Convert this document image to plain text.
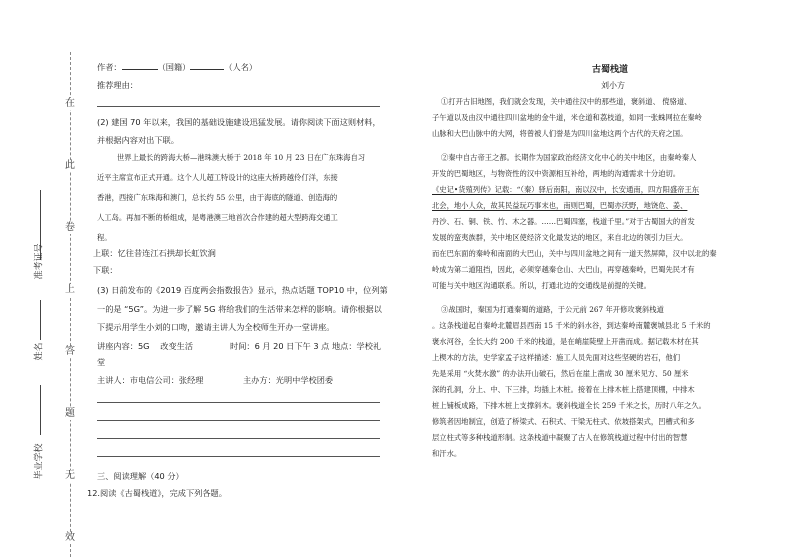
在
此
卷
上
答
题
无
效
准考证号
姓名
毕业学校
作者：	（国籍）	（人名）
推荐理由：
(2) 建国 70 年以来，我国的基础设施建设迅猛发展。请你阅读下面这则材料，
并根据内容对出下联。
世界上最长的跨海大桥—港珠澳大桥于 2018 年 10 月 23 日在广东珠海自习
近平主席宣布正式开通。这个人儿超工特设计的这座大桥跨越伶仃洋，东接
香港，西接广东珠海和澳门，总长约 55 公里，由于海底的隧道、创造海的
人工岛。再加不断的桥组成，是粤港澳三地首次合作建的超大型跨海交通工
程。
上联：忆往昔连江石拱却长虹饮涧
下联：
(3) 日前发布的《2019 百度两会指数报告》显示，热点话题 TOP10 中，位列第
一的是 “5G”。为进一步了解 5G 将给我们的生活带来怎样的影响。请你根据以
下提示用学生小刘的口吻，邀请主讲人为全校师生开办一堂讲座。
讲座内容：5G　 改变生活	时间：6 月 20 日下午 3 点 地点：学校礼
堂
主讲人：市电信公司：张经理	主办方：光明中学校团委
三、阅读理解（40 分）
12.阅读《古蜀栈道》，完成下列各题。
古蜀栈道
刘小方
①打开古旧地图，我们就会发现，关中通往汉中的那些道，褒斜道、 傥骆道、
子午道以及由汉中通往四川盆地的金牛道，米仓道和荔枝道，如同一张蛛网拉在秦岭
山脉和大巴山脉中的大网，将曾被人们誉是为四川盆地这两个古代的天府之国。
②秦中自古帝王之都。长期作为国家政治经济文化中心的关中地区，由秦岭秦人
开发的巴蜀地区，与物资性的汉中资源相互补给，两地的沟通需求十分迫切。
《史记•货殖列传》记载：“（秦）驿后南阳，南以汉中，长安通南，四方阳盛帝王东
北会，地小人众，故其民益玩巧事末也，南则巴蜀，巴蜀亦沃野，地饶危、姜、
丹沙、石、铜、铁、竹、木之器。……巴蜀四塞，栈道千里。”对于古蜀国大的首发
发展的蛮夷族群，关中地区使经济文化最发达的地区，来自北边的领引力巨大。
而在巴东面的秦岭和南面的大巴山，关中与四川盆地之间有一道天然屏障，汉中以北的秦
岭成为第二道阻挡，因此，必须穿越秦仓山、大巴山，再穿越秦岭，巴蜀先民才有
可能与关中地区沟通联系。所以，打通北边的交通线是前提的关键。
③战国时，秦国为打通秦蜀的道路，于公元前 267 年开修攻褒斜栈道
。这条栈道起自秦岭北麓眉县西南 15 千米的斜水谷，到达秦岭南麓褒城县北 5 千米的
褒水河谷，全长大约 200 千米的栈道，是在峭崖陡壁上开凿而成。据记载木材在其
上楔木的方法，史学家孟子这样描述：施工人员先面对这些坚硬的岩石，他们
先是采用 “火焚水激” 的办法开山破石，然后在崖上凿成 30 厘米见方、50 厘米
深的孔洞，分上、中、下三排，均插上木桩。接着在上排木桩上搭建顶棚，中排木
桩上铺板成路，下排木桩上支撑斜木。褒斜栈道全长 259 千米之长，历时八年之久。
修筑者因地制宜，创造了桥梁式、石积式、干梁无柱式、依坡搭架式，凹槽式和多
层立柱式等多种栈道形制。这条栈道中凝聚了古人在修筑栈道过程中付出的智慧
和汗水。
